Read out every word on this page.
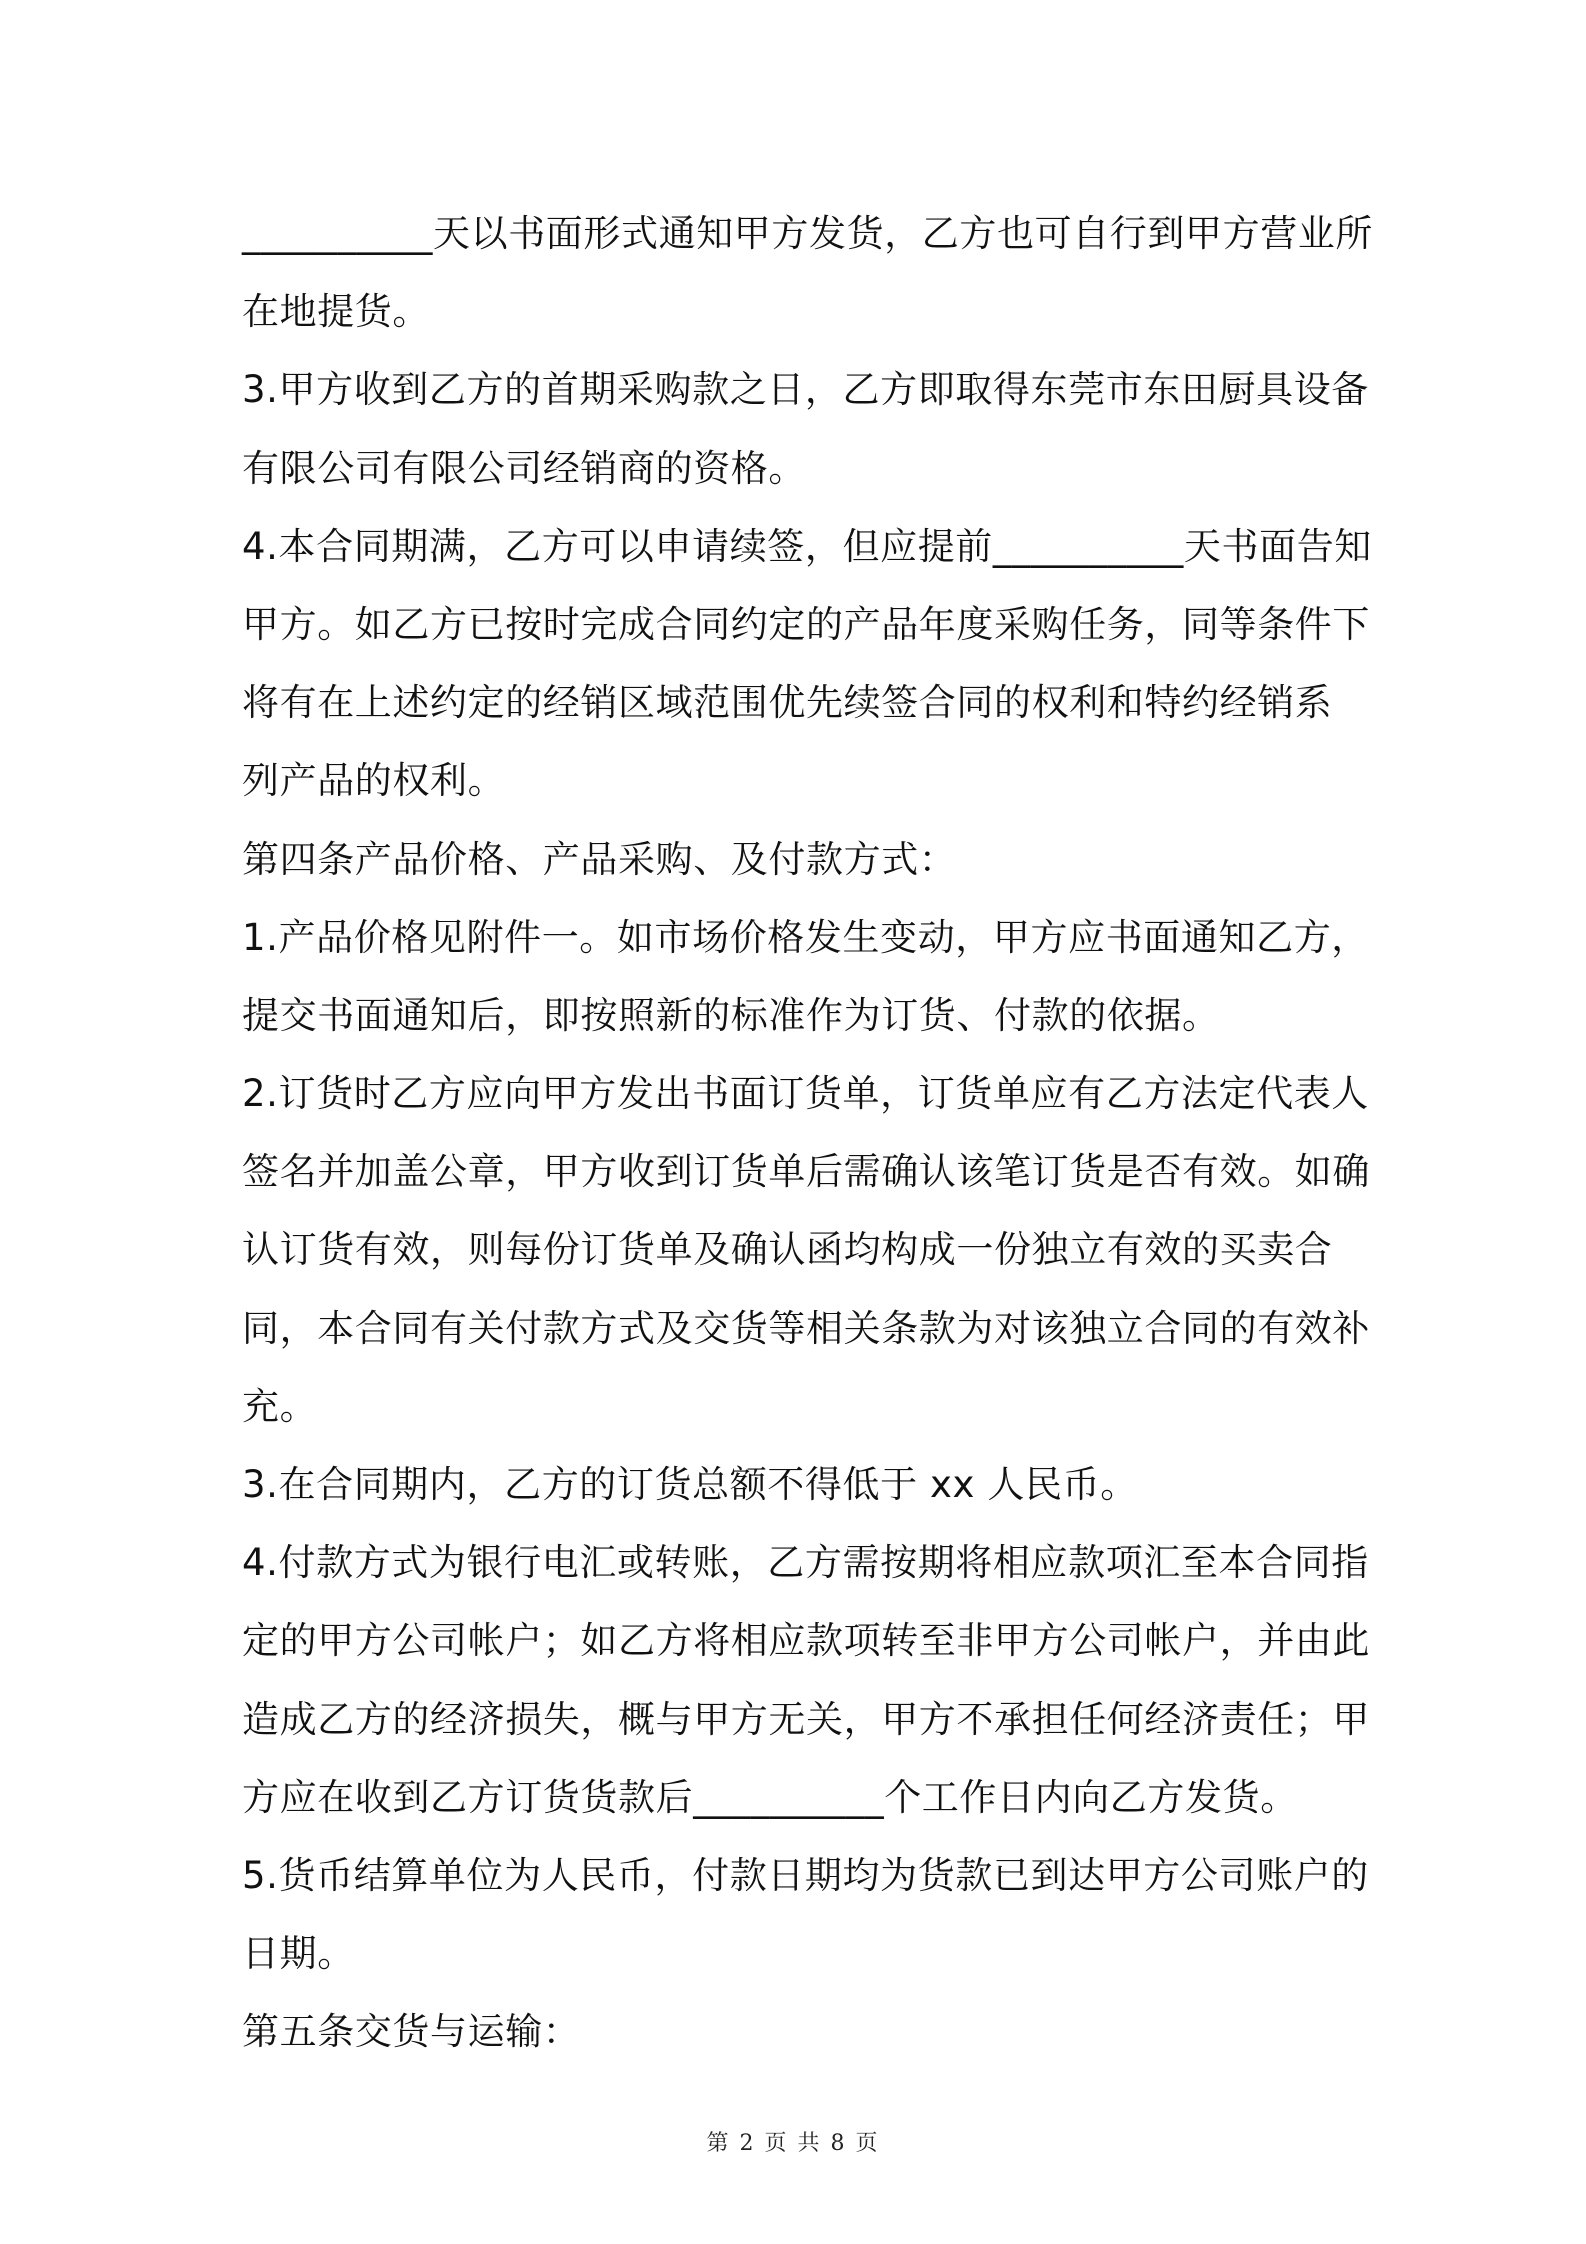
__________天以书面形式通知甲方发货，乙方也可自行到甲方营业所
在地提货。
3.甲方收到乙方的首期采购款之日，乙方即取得东莞市东田厨具设备
有限公司有限公司经销商的资格。
4.本合同期满，乙方可以申请续签，但应提前__________天书面告知
甲方。如乙方已按时完成合同约定的产品年度采购任务，同等条件下
将有在上述约定的经销区域范围优先续签合同的权利和特约经销系
列产品的权利。
第四条产品价格、产品采购、及付款方式：
1.产品价格见附件一。如市场价格发生变动，甲方应书面通知乙方，
提交书面通知后，即按照新的标准作为订货、付款的依据。
2.订货时乙方应向甲方发出书面订货单，订货单应有乙方法定代表人
签名并加盖公章，甲方收到订货单后需确认该笔订货是否有效。如确
认订货有效，则每份订货单及确认函均构成一份独立有效的买卖合
同，本合同有关付款方式及交货等相关条款为对该独立合同的有效补
充。
3.在合同期内，乙方的订货总额不得低于 xx 人民币。
4.付款方式为银行电汇或转账，乙方需按期将相应款项汇至本合同指
定的甲方公司帐户；如乙方将相应款项转至非甲方公司帐户，并由此
造成乙方的经济损失，概与甲方无关，甲方不承担任何经济责任；甲
方应在收到乙方订货货款后__________个工作日内向乙方发货。
5.货币结算单位为人民币，付款日期均为货款已到达甲方公司账户的
日期。
第五条交货与运输：
第 2 页 共 8 页
